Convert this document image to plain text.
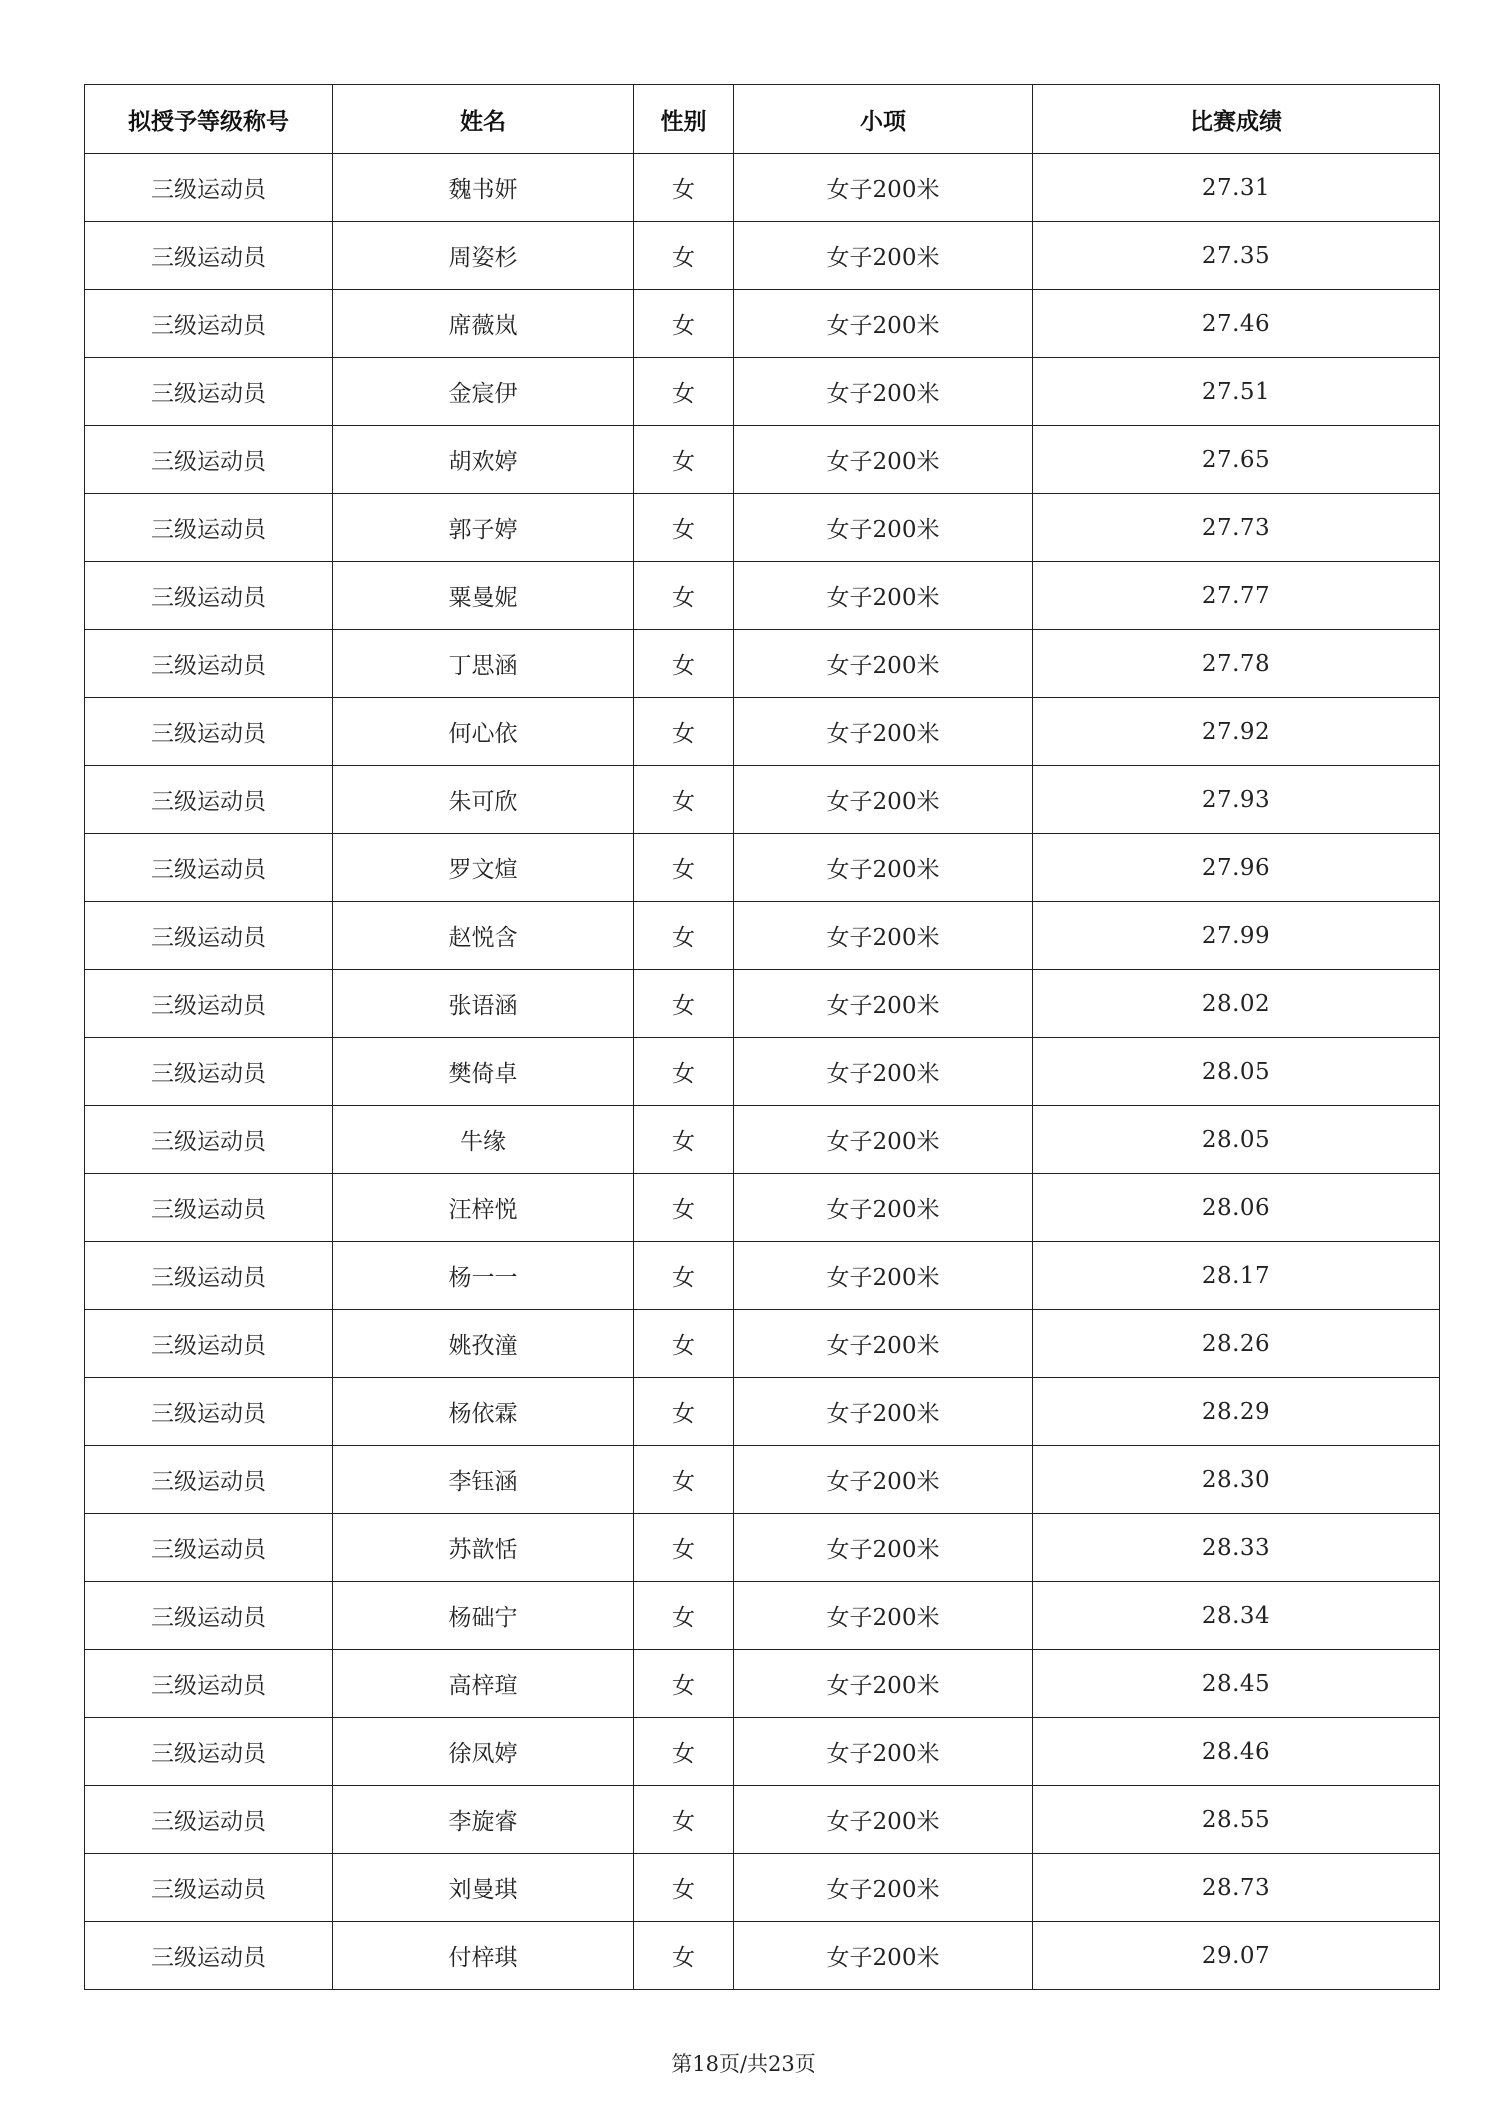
拟授予等级称号	姓名	性别	小项	比赛成绩
三级运动员	魏书妍	女	女子200米	27.31
三级运动员	周姿杉	女	女子200米	27.35
三级运动员	席薇岚	女	女子200米	27.46
三级运动员	金宸伊	女	女子200米	27.51
三级运动员	胡欢婷	女	女子200米	27.65
三级运动员	郭子婷	女	女子200米	27.73
三级运动员	粟曼妮	女	女子200米	27.77
三级运动员	丁思涵	女	女子200米	27.78
三级运动员	何心依	女	女子200米	27.92
三级运动员	朱可欣	女	女子200米	27.93
三级运动员	罗文煊	女	女子200米	27.96
三级运动员	赵悦含	女	女子200米	27.99
三级运动员	张语涵	女	女子200米	28.02
三级运动员	樊倚卓	女	女子200米	28.05
三级运动员	牛缘	女	女子200米	28.05
三级运动员	汪梓悦	女	女子200米	28.06
三级运动员	杨一一	女	女子200米	28.17
三级运动员	姚孜潼	女	女子200米	28.26
三级运动员	杨依霖	女	女子200米	28.29
三级运动员	李钰涵	女	女子200米	28.30
三级运动员	苏歆恬	女	女子200米	28.33
三级运动员	杨础宁	女	女子200米	28.34
三级运动员	高梓瑄	女	女子200米	28.45
三级运动员	徐凤婷	女	女子200米	28.46
三级运动员	李旋睿	女	女子200米	28.55
三级运动员	刘曼琪	女	女子200米	28.73
三级运动员	付梓琪	女	女子200米	29.07
第18页/共23页
